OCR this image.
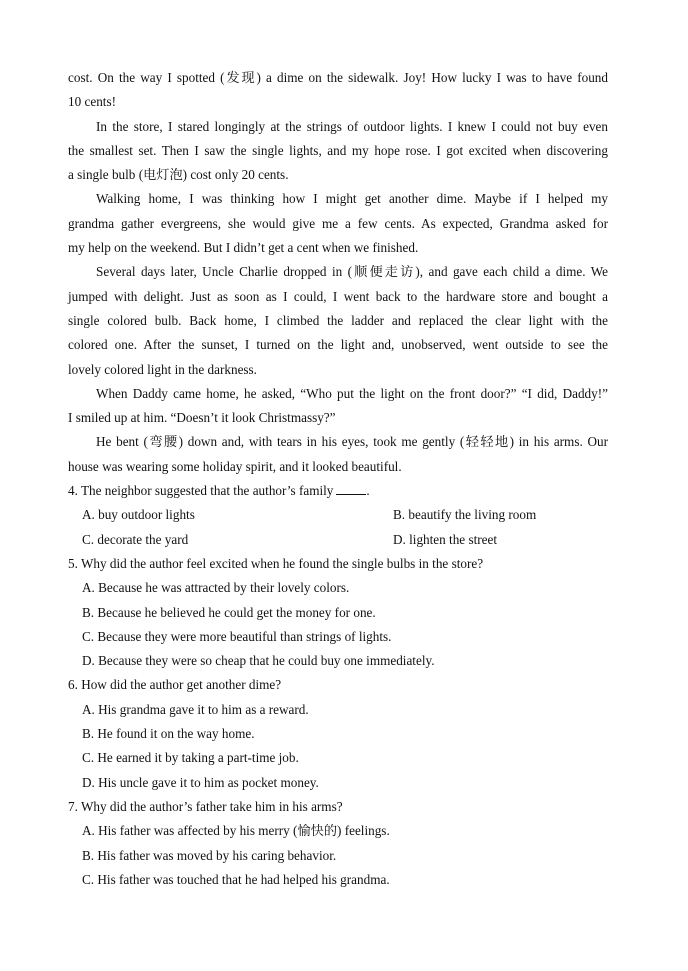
cost. On the way I spotted (发现) a dime on the sidewalk. Joy! How lucky I was to have found
10 cents!
In the store, I stared longingly at the strings of outdoor lights. I knew I could not buy even
the smallest set. Then I saw the single lights, and my hope rose. I got excited when discovering
a single bulb (电灯泡) cost only 20 cents.
Walking home, I was thinking how I might get another dime. Maybe if I helped my
grandma gather evergreens, she would give me a few cents. As expected, Grandma asked for
my help on the weekend. But I didn’t get a cent when we finished.
Several days later, Uncle Charlie dropped in (顺便走访), and gave each child a dime. We
jumped with delight. Just as soon as I could, I went back to the hardware store and bought a
single colored bulb. Back home, I climbed the ladder and replaced the clear light with the
colored one. After the sunset, I turned on the light and, unobserved, went outside to see the
lovely colored light in the darkness.
When Daddy came home, he asked, “Who put the light on the front door?” “I did, Daddy!”
I smiled up at him. “Doesn’t it look Christmassy?”
He bent (弯腰) down and, with tears in his eyes, took me gently (轻轻地) in his arms. Our
house was wearing some holiday spirit, and it looked beautiful.
4. The neighbor suggested that the author’s family	.
A. buy outdoor lights	B. beautify the living room
C. decorate the yard	D. lighten the street
5. Why did the author feel excited when he found the single bulbs in the store?
A. Because he was attracted by their lovely colors.
B. Because he believed he could get the money for one.
C. Because they were more beautiful than strings of lights.
D. Because they were so cheap that he could buy one immediately.
6. How did the author get another dime?
A. His grandma gave it to him as a reward.
B. He found it on the way home.
C. He earned it by taking a part-time job.
D. His uncle gave it to him as pocket money.
7. Why did the author’s father take him in his arms?
A. His father was affected by his merry (愉快的) feelings.
B. His father was moved by his caring behavior.
C. His father was touched that he had helped his grandma.
